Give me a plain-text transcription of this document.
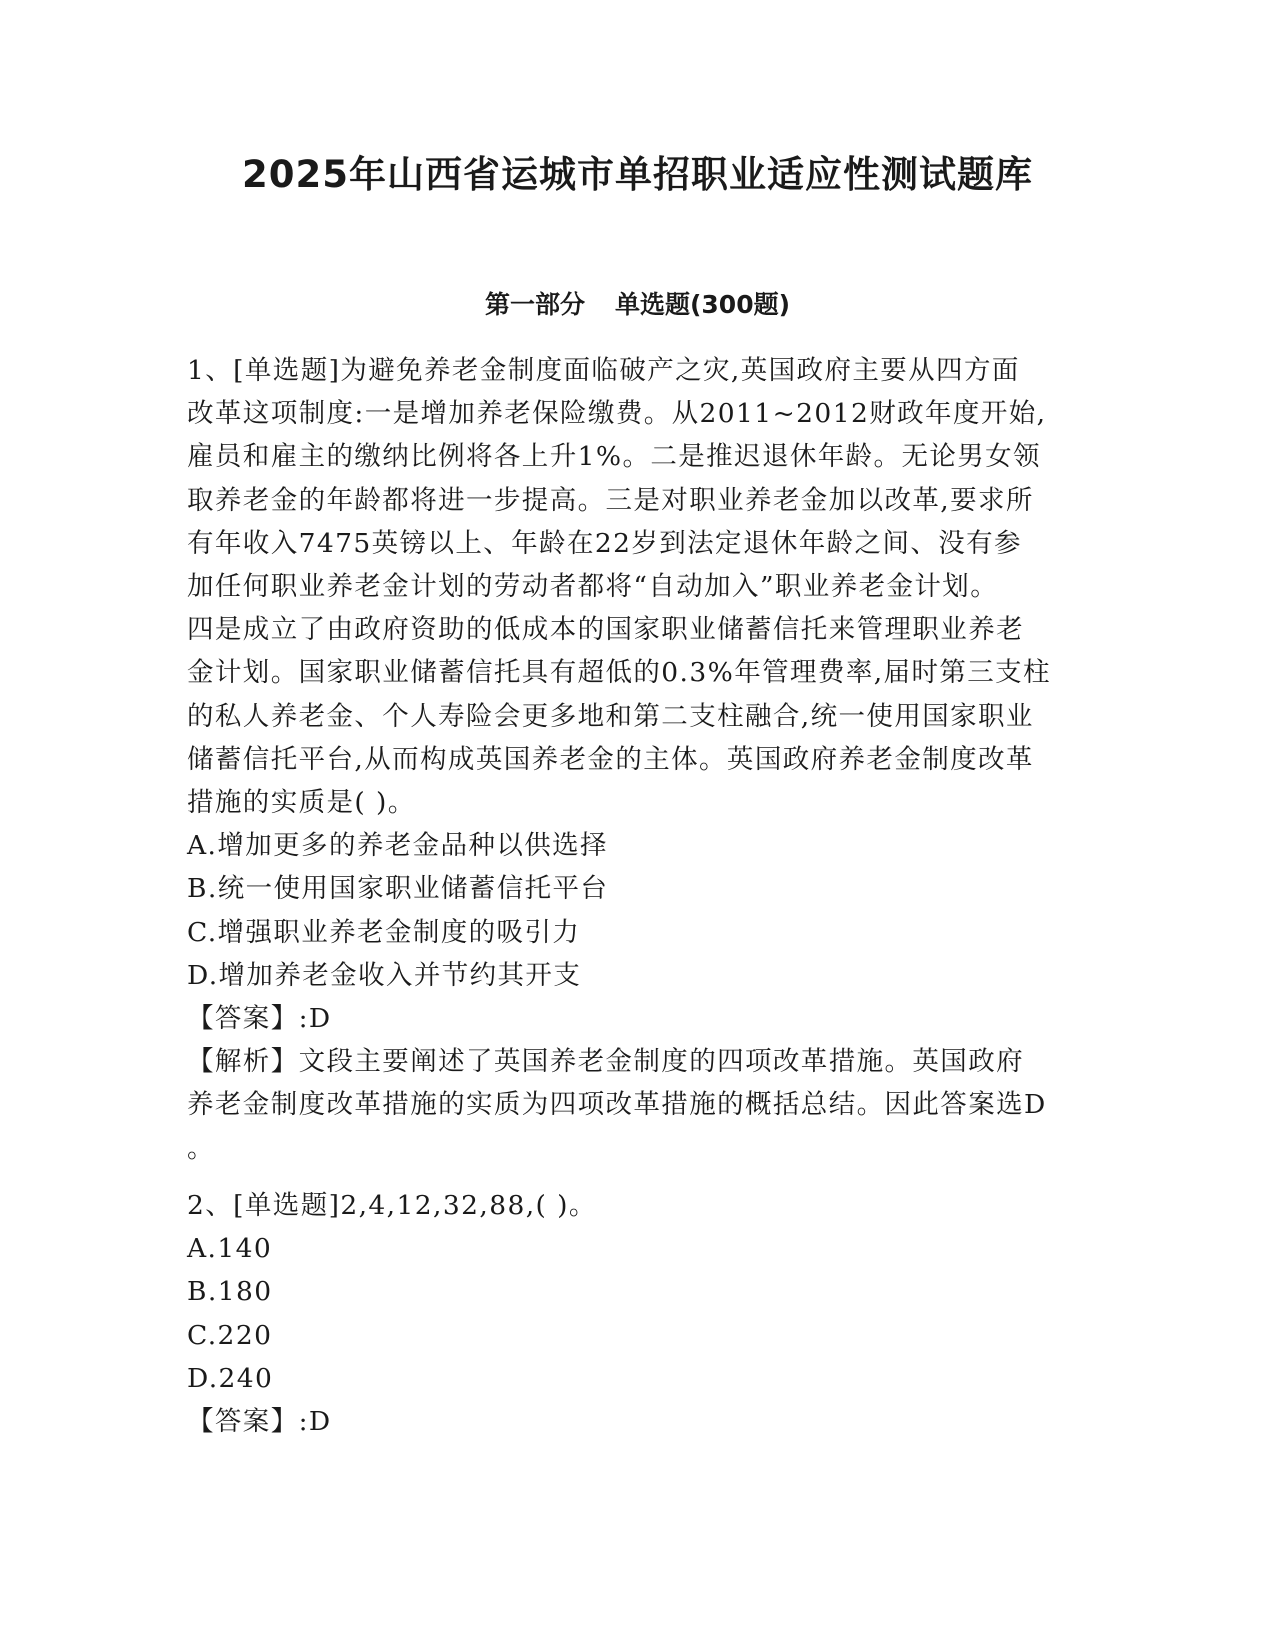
2025年山西省运城市单招职业适应性测试题库
第一部分 单选题(300题)

1、[单选题]为避免养老金制度面临破产之灾,英国政府主要从四方面
改革这项制度:一是增加养老保险缴费。从2011~2012财政年度开始,
雇员和雇主的缴纳比例将各上升1%。二是推迟退休年龄。无论男女领
取养老金的年龄都将进一步提高。三是对职业养老金加以改革,要求所
有年收入7475英镑以上、年龄在22岁到法定退休年龄之间、没有参
加任何职业养老金计划的劳动者都将“自动加入”职业养老金计划。
四是成立了由政府资助的低成本的国家职业储蓄信托来管理职业养老
金计划。国家职业储蓄信托具有超低的0.3%年管理费率,届时第三支柱
的私人养老金、个人寿险会更多地和第二支柱融合,统一使用国家职业
储蓄信托平台,从而构成英国养老金的主体。英国政府养老金制度改革
措施的实质是( )。

A.增加更多的养老金品种以供选择
B.统一使用国家职业储蓄信托平台
C.增强职业养老金制度的吸引力
D.增加养老金收入并节约其开支

【答案】:D

【解析】文段主要阐述了英国养老金制度的四项改革措施。英国政府
养老金制度改革措施的实质为四项改革措施的概括总结。因此答案选D
。

2、[单选题]2,4,12,32,88,( )。

A.140
B.180
C.220
D.240

【答案】:D
